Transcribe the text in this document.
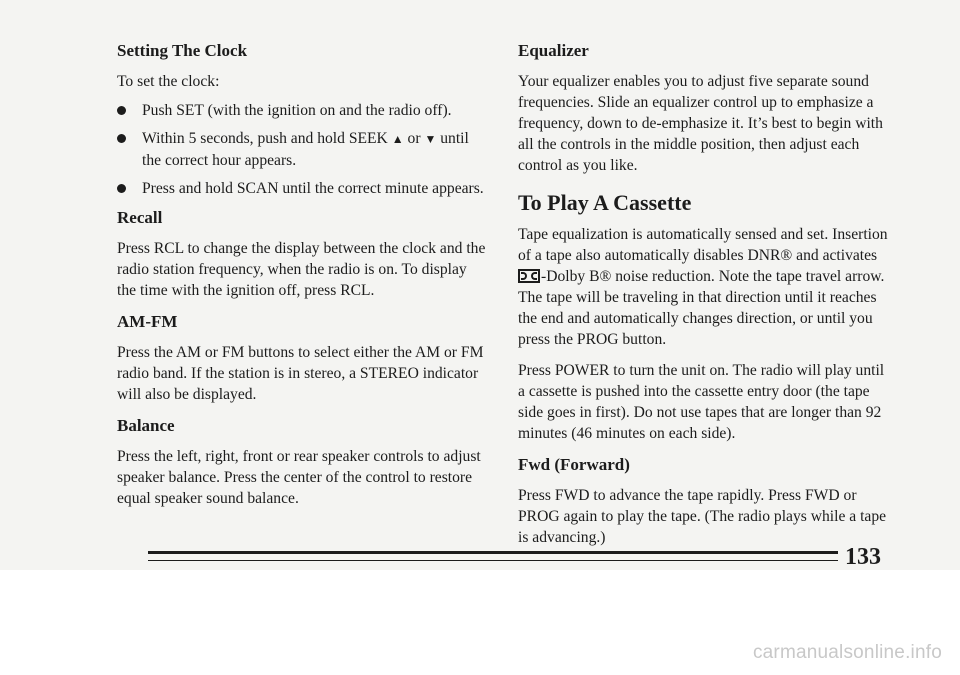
Setting The Clock

To set the clock:

Push SET (with the ignition on and the radio off).
Within 5 seconds, push and hold SEEK ▲ or ▼ until the correct hour appears.
Press and hold SCAN until the correct minute appears.
Recall

Press RCL to change the display between the clock and the radio station frequency, when the radio is on. To display the time with the ignition off, press RCL.

AM-FM

Press the AM or FM buttons to select either the AM or FM radio band. If the station is in stereo, a STEREO indicator will also be displayed.

Balance

Press the left, right, front or rear speaker controls to adjust speaker balance. Press the center of the control to restore equal speaker sound balance.

Equalizer

Your equalizer enables you to adjust five separate sound frequencies. Slide an equalizer control up to emphasize a frequency, down to de-emphasize it. It’s best to begin with all the controls in the middle position, then adjust each control as you like.

To Play A Cassette

Tape equalization is automatically sensed and set. Insertion of a tape also automatically disables DNR® and activates -Dolby B® noise reduction. Note the tape travel arrow. The tape will be traveling in that direction until it reaches the end and automatically changes direction, or until you press the PROG button.

Press POWER to turn the unit on. The radio will play until a cassette is pushed into the cassette entry door (the tape side goes in first). Do not use tapes that are longer than 92 minutes (46 minutes on each side).

Fwd (Forward)

Press FWD to advance the tape rapidly. Press FWD or PROG again to play the tape. (The radio plays while a tape is advancing.)

133
carmanualsonline.info
